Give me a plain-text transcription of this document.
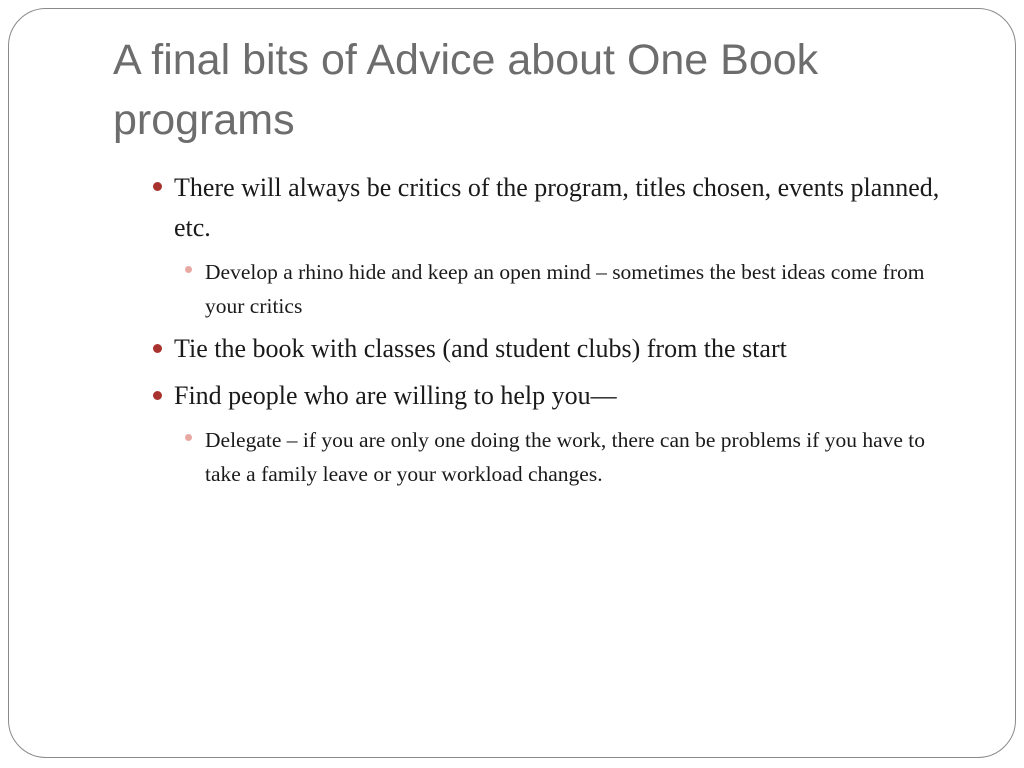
A final bits of Advice about One Book programs

There will always be critics of the program, titles chosen, events planned, etc.

Develop a rhino hide and keep an open mind – sometimes the best ideas come from your critics

Tie the book with classes (and student clubs) from the start

Find people who are willing to help you—

Delegate – if you are only one doing the work, there can be problems if you have to take a family leave or your workload changes.
